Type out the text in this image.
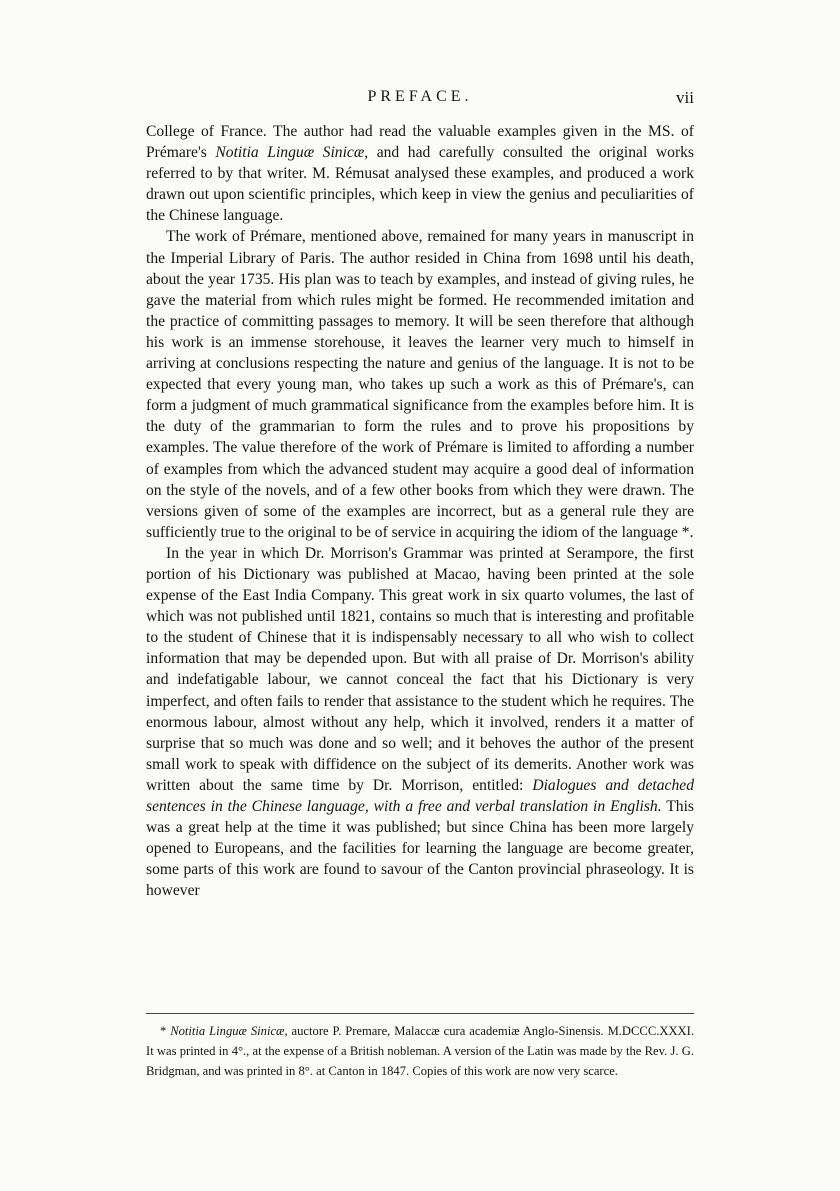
PREFACE.	vii

College of France. The author had read the valuable examples given in the MS. of Prémare's Notitia Linguæ Sinicæ, and had carefully consulted the original works referred to by that writer. M. Rémusat analysed these examples, and produced a work drawn out upon scientific principles, which keep in view the genius and peculiarities of the Chinese language.

The work of Prémare, mentioned above, remained for many years in manuscript in the Imperial Library of Paris. The author resided in China from 1698 until his death, about the year 1735. His plan was to teach by examples, and instead of giving rules, he gave the material from which rules might be formed. He recommended imitation and the practice of committing passages to memory. It will be seen therefore that although his work is an immense storehouse, it leaves the learner very much to himself in arriving at conclusions respecting the nature and genius of the language. It is not to be expected that every young man, who takes up such a work as this of Prémare's, can form a judgment of much grammatical significance from the examples before him. It is the duty of the grammarian to form the rules and to prove his propositions by examples. The value therefore of the work of Prémare is limited to affording a number of examples from which the advanced student may acquire a good deal of information on the style of the novels, and of a few other books from which they were drawn. The versions given of some of the examples are incorrect, but as a general rule they are sufficiently true to the original to be of service in acquiring the idiom of the language *.

In the year in which Dr. Morrison's Grammar was printed at Serampore, the first portion of his Dictionary was published at Macao, having been printed at the sole expense of the East India Company. This great work in six quarto volumes, the last of which was not published until 1821, contains so much that is interesting and profitable to the student of Chinese that it is indispensably necessary to all who wish to collect information that may be depended upon. But with all praise of Dr. Morrison's ability and indefatigable labour, we cannot conceal the fact that his Dictionary is very imperfect, and often fails to render that assistance to the student which he requires. The enormous labour, almost without any help, which it involved, renders it a matter of surprise that so much was done and so well; and it behoves the author of the present small work to speak with diffidence on the subject of its demerits. Another work was written about the same time by Dr. Morrison, entitled: Dialogues and detached sentences in the Chinese language, with a free and verbal translation in English. This was a great help at the time it was published; but since China has been more largely opened to Europeans, and the facilities for learning the language are become greater, some parts of this work are found to savour of the Canton provincial phraseology. It is however

* Notitia Linguæ Sinicæ, auctore P. Premare, Malaccæ cura academiæ Anglo-Sinensis. M.DCCC.XXXI. It was printed in 4°., at the expense of a British nobleman. A version of the Latin was made by the Rev. J. G. Bridgman, and was printed in 8°. at Canton in 1847. Copies of this work are now very scarce.
